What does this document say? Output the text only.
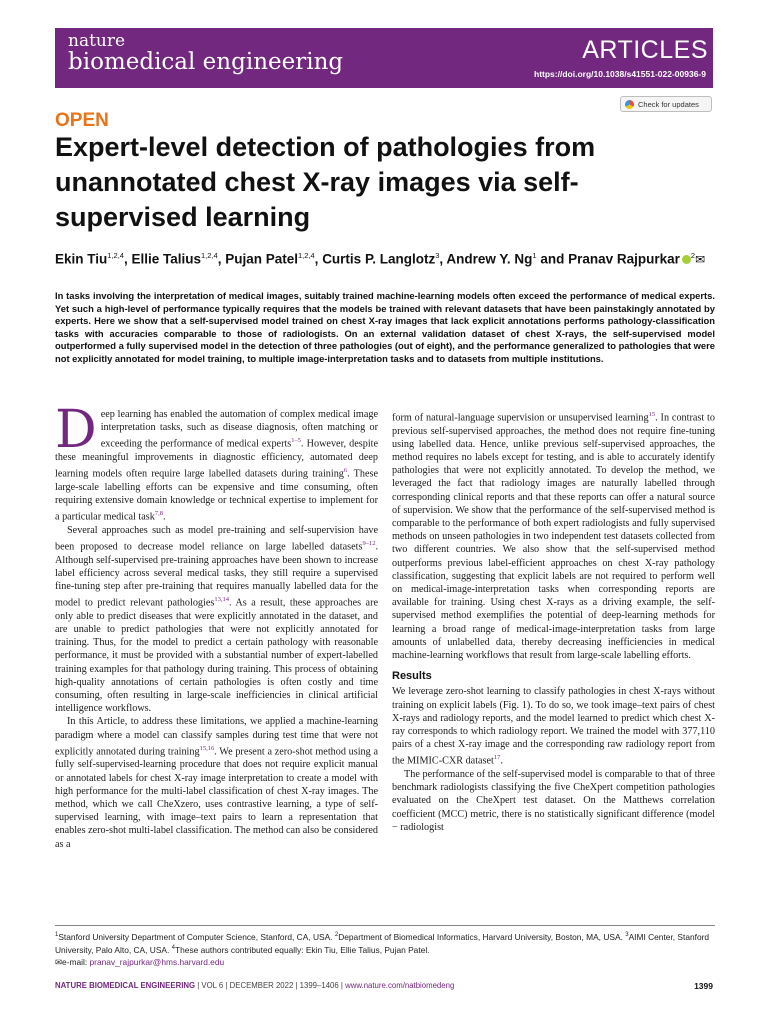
nature
biomedical engineering	ARTICLES
https://doi.org/10.1038/s41551-022-00936-9
Check for updates
OPEN
Expert-level detection of pathologies from unannotated chest X-ray images via self-supervised learning
Ekin Tiu$^{1,2,4}$, Ellie Talius$^{1,2,4}$, Pujan Patel$^{1,2,4}$, Curtis P. Langlotz$^3$, Andrew Y. Ng$^1$ and Pranav Rajpurkar $^2$✉
In tasks involving the interpretation of medical images, suitably trained machine-learning models often exceed the performance of medical experts. Yet such a high-level of performance typically requires that the models be trained with relevant datasets that have been painstakingly annotated by experts. Here we show that a self-supervised model trained on chest X-ray images that lack explicit annotations performs pathology-classification tasks with accuracies comparable to those of radiologists. On an external validation dataset of chest X-rays, the self-supervised model outperformed a fully supervised model in the detection of three pathologies (out of eight), and the performance generalized to pathologies that were not explicitly annotated for model training, to multiple image-interpretation tasks and to datasets from multiple institutions.

Deep learning has enabled the automation of complex medical image interpretation tasks, such as disease diagnosis, often matching or exceeding the performance of medical experts$^{1-5}$. However, despite these meaningful improvements in diagnostic efficiency, automated deep learning models often require large labelled datasets during training$^6$. These large-scale labelling efforts can be expensive and time consuming, often requiring extensive domain knowledge or technical expertise to implement for a particular medical task$^{7,8}$.

Several approaches such as model pre-training and self-supervision have been proposed to decrease model reliance on large labelled datasets$^{9-12}$. Although self-supervised pre-training approaches have been shown to increase label efficiency across several medical tasks, they still require a supervised fine-tuning step after pre-training that requires manually labelled data for the model to predict relevant pathologies$^{13,14}$. As a result, these approaches are only able to predict diseases that were explicitly annotated in the dataset, and are unable to predict pathologies that were not explicitly annotated for training. Thus, for the model to predict a certain pathology with reasonable performance, it must be provided with a substantial number of expert-labelled training examples for that pathology during training. This process of obtaining high-quality annotations of certain pathologies is often costly and time consuming, often resulting in large-scale inefficiencies in clinical artificial intelligence workflows.

In this Article, to address these limitations, we applied a machine-learning paradigm where a model can classify samples during test time that were not explicitly annotated during training$^{15,16}$. We present a zero-shot method using a fully self-supervised-learning procedure that does not require explicit manual or annotated labels for chest X-ray image interpretation to create a model with high performance for the multi-label classification of chest X-ray images. The method, which we call CheXzero, uses contrastive learning, a type of self-supervised learning, with image–text pairs to learn a representation that enables zero-shot multi-label classification. The method can also be considered as a

form of natural-language supervision or unsupervised learning$^{15}$. In contrast to previous self-supervised approaches, the method does not require fine-tuning using labelled data. Hence, unlike previous self-supervised approaches, the method requires no labels except for testing, and is able to accurately identify pathologies that were not explicitly annotated. To develop the method, we leveraged the fact that radiology images are naturally labelled through corresponding clinical reports and that these reports can offer a natural source of supervision. We show that the performance of the self-supervised method is comparable to the performance of both expert radiologists and fully supervised methods on unseen pathologies in two independent test datasets collected from two different countries. We also show that the self-supervised method outperforms previous label-efficient approaches on chest X-ray pathology classification, suggesting that explicit labels are not required to perform well on medical-image-interpretation tasks when corresponding reports are available for training. Using chest X-rays as a driving example, the self-supervised method exemplifies the potential of deep-learning methods for learning a broad range of medical-image-interpretation tasks from large amounts of unlabelled data, thereby decreasing inefficiencies in medical machine-learning workflows that result from large-scale labelling efforts.

Results

We leverage zero-shot learning to classify pathologies in chest X-rays without training on explicit labels (Fig. 1). To do so, we took image–text pairs of chest X-rays and radiology reports, and the model learned to predict which chest X-ray corresponds to which radiology report. We trained the model with 377,110 pairs of a chest X-ray image and the corresponding raw radiology report from the MIMIC-CXR dataset$^{17}$.

The performance of the self-supervised model is comparable to that of three benchmark radiologists classifying the five CheXpert competition pathologies evaluated on the CheXpert test dataset. On the Matthews correlation coefficient (MCC) metric, there is no statistically significant difference (model − radiologist

$^1$Stanford University Department of Computer Science, Stanford, CA, USA. $^2$Department of Biomedical Informatics, Harvard University, Boston, MA, USA. $^3$AIMI Center, Stanford University, Palo Alto, CA, USA. $^4$These authors contributed equally: Ekin Tiu, Ellie Talius, Pujan Patel.
✉e-mail: pranav_rajpurkar@hms.harvard.edu
NATURE BIOMEDICAL ENGINEERING | VOL 6 | DECEMBER 2022 | 1399–1406 | www.nature.com/natbiomedeng	1399
